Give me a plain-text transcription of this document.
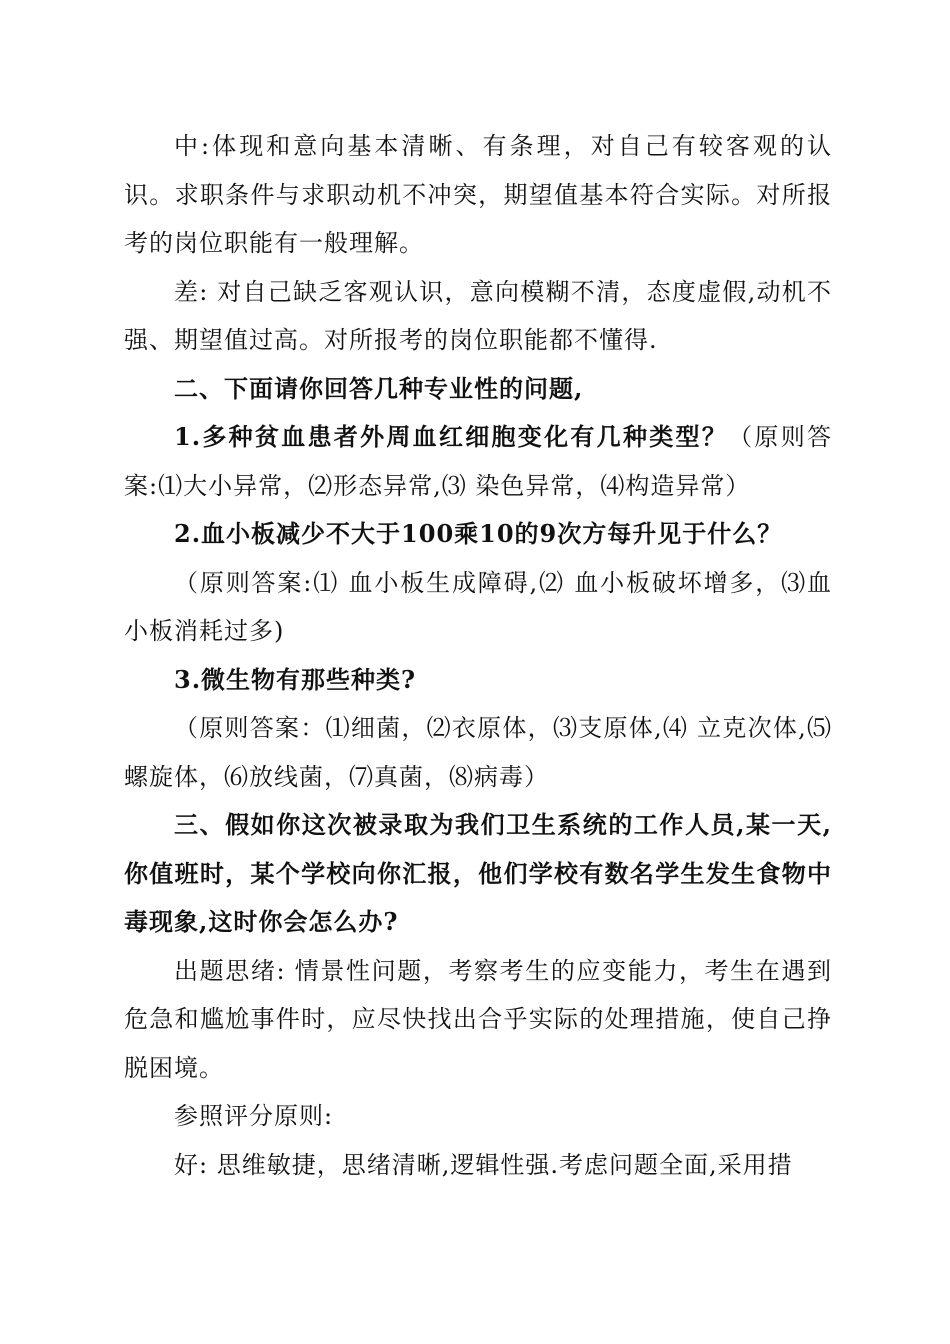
中:体现和意向基本清晰、有条理，对自己有较客观的认识。求职条件与求职动机不冲突，期望值基本符合实际。对所报考的岗位职能有一般理解。

差: 对自己缺乏客观认识，意向模糊不清，态度虚假,动机不强、期望值过高。对所报考的岗位职能都不懂得.

二、下面请你回答几种专业性的问题,

1.多种贫血患者外周血红细胞变化有几种类型？（原则答案:⑴大小异常，⑵形态异常,⑶ 染色异常，⑷构造异常）

2.血小板减少不大于100乘10的9次方每升见于什么？

（原则答案:⑴ 血小板生成障碍,⑵ 血小板破坏增多，⑶血小板消耗过多)

3.微生物有那些种类?

（原则答案：⑴细菌，⑵衣原体，⑶支原体,⑷ 立克次体,⑸ 螺旋体，⑹放线菌，⑺真菌，⑻病毒）

三、假如你这次被录取为我们卫生系统的工作人员,某一天,你值班时，某个学校向你汇报，他们学校有数名学生发生食物中毒现象,这时你会怎么办?

出题思绪: 情景性问题，考察考生的应变能力，考生在遇到危急和尴尬事件时，应尽快找出合乎实际的处理措施，使自己挣脱困境。

参照评分原则:

好: 思维敏捷，思绪清晰,逻辑性强.考虑问题全面,采用措
